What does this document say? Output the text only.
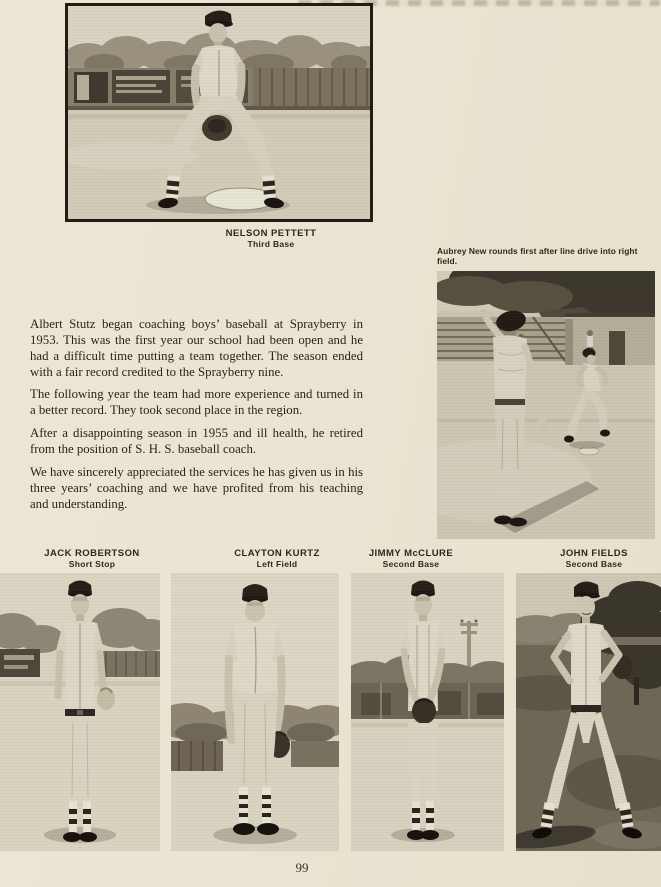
NELSON PETTETT
Third Base
Aubrey New rounds first after line drive into right field.

Albert Stutz began coaching boys’ baseball at Sprayberry in 1953. This was the first year our school had been open and he had a difficult time putting a team together. The season ended with a fair record credited to the Sprayberry nine.

The following year the team had more experience and turned in a better record. They took second place in the region.

After a disappointing season in 1955 and ill health, he retired from the position of S. H. S. baseball coach.

We have sincerely appreciated the services he has given us in his three years’ coaching and we have profited from his teaching and understanding.

JACK ROBERTSON
Short Stop
CLAYTON KURTZ
Left Field
JIMMY McCLURE
Second Base
JOHN FIELDS
Second Base
99
